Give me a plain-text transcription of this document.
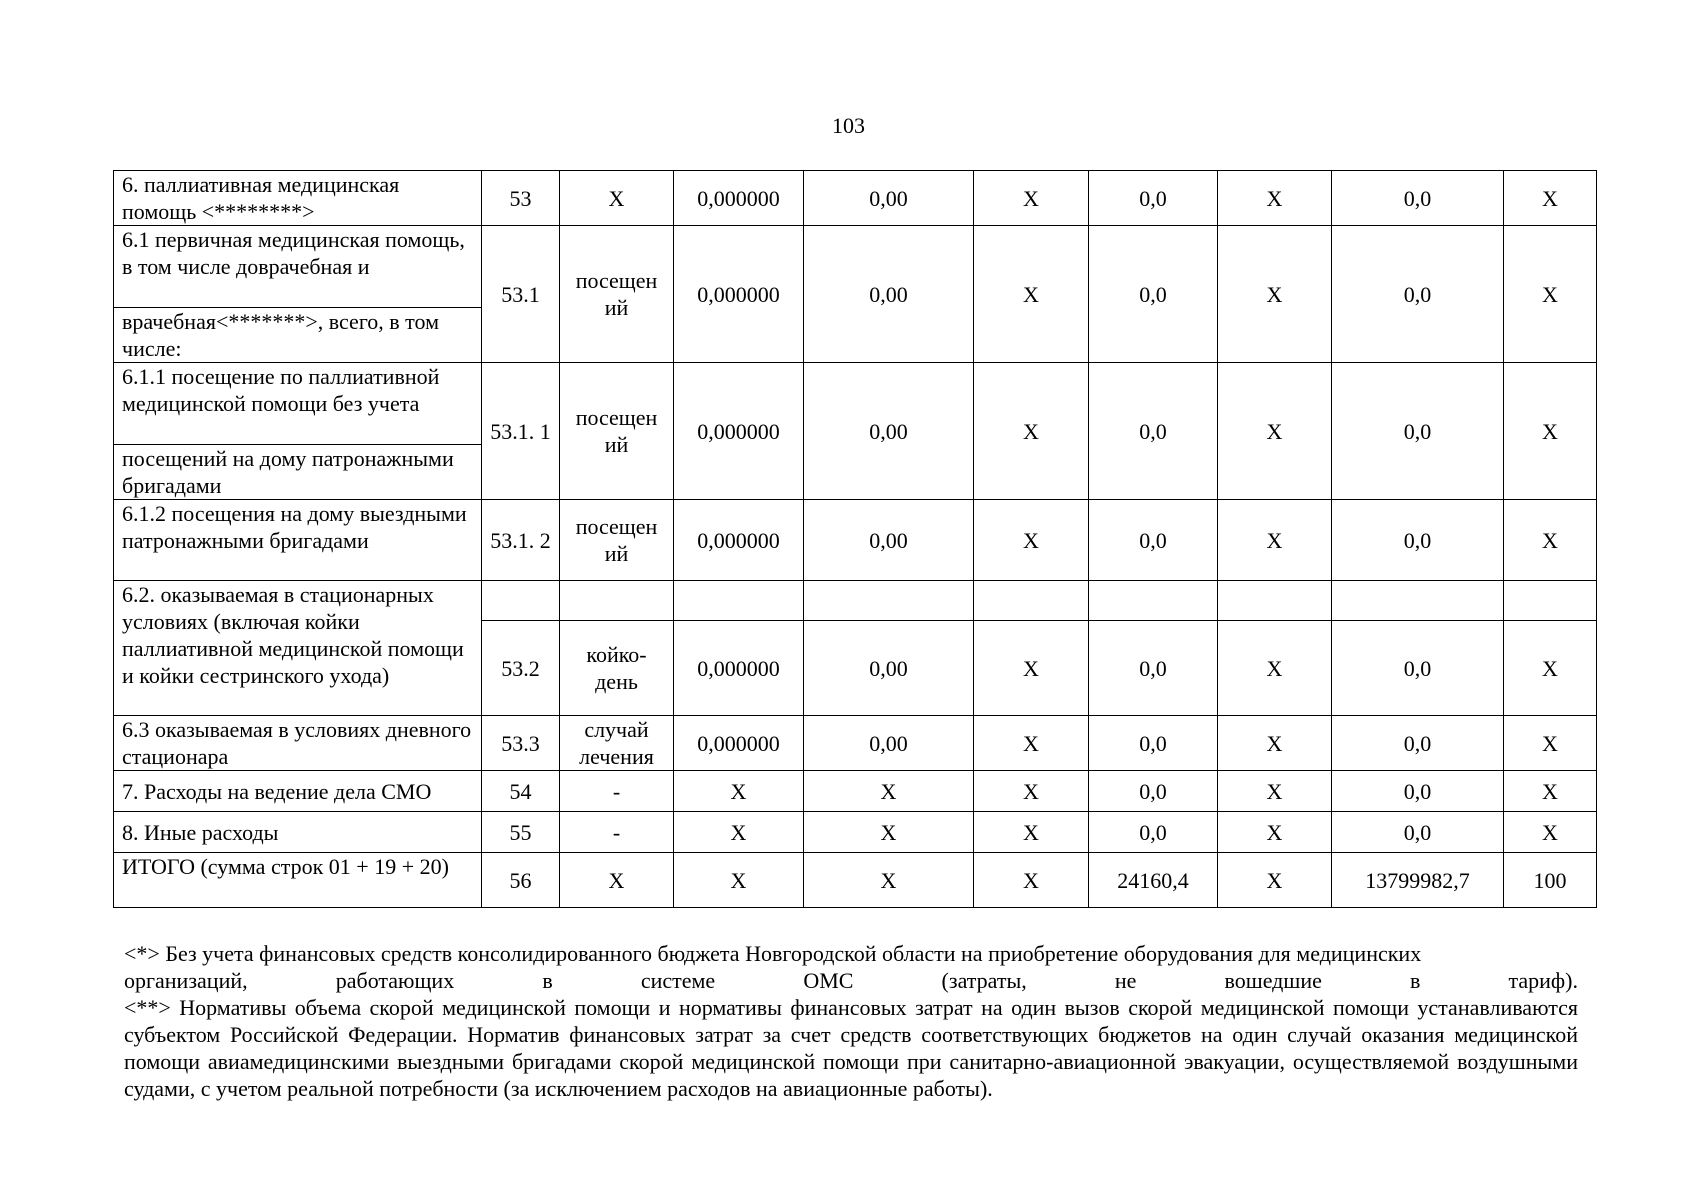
103
6. паллиативная медицинская помощь <********>	53	Х	0,000000	0,00	Х	0,0	Х	0,0	Х
6.1 первичная медицинская помощь, в том числе доврачебная и	53.1	посещен ий	0,000000	0,00	Х	0,0	Х	0,0	Х
врачебная<*******>, всего, в том числе:									
6.1.1 посещение по паллиативной медицинской помощи без учета	53.1. 1	посещен ий	0,000000	0,00	Х	0,0	Х	0,0	Х
посещений на дому патронажными бригадами									
6.1.2 посещения на дому выездными патронажными бригадами	53.1. 2	посещен ий	0,000000	0,00	Х	0,0	Х	0,0	Х
6.2. оказываемая в стационарных условиях (включая койки паллиативной медицинской помощи и койки сестринского ухода)									
	53.2	койко- день	0,000000	0,00	Х	0,0	Х	0,0	Х
6.3 оказываемая в условиях дневного стационара	53.3	случай лечения	0,000000	0,00	Х	0,0	Х	0,0	Х
7. Расходы на ведение дела СМО	54	-	Х	Х	Х	0,0	Х	0,0	Х
8. Иные расходы	55	-	Х	Х	Х	0,0	Х	0,0	Х
ИТОГО (сумма строк 01 + 19 + 20)	56	Х	Х	Х	Х	24160,4	Х	13799982,7	100

<*> Без учета финансовых средств консолидированного бюджета Новгородской области на приобретение оборудования для медицинских

организаций, работающих в системе ОМС (затраты, не вошедшие в тариф).

<**> Нормативы объема скорой медицинской помощи и нормативы финансовых затрат на один вызов скорой медицинской помощи устанавливаются субъектом Российской Федерации. Норматив финансовых затрат за счет средств соответствующих бюджетов на один случай оказания медицинской помощи авиамедицинскими выездными бригадами скорой медицинской помощи при санитарно-авиационной эвакуации, осуществляемой воздушными судами, с учетом реальной потребности (за исключением расходов на авиационные работы).
